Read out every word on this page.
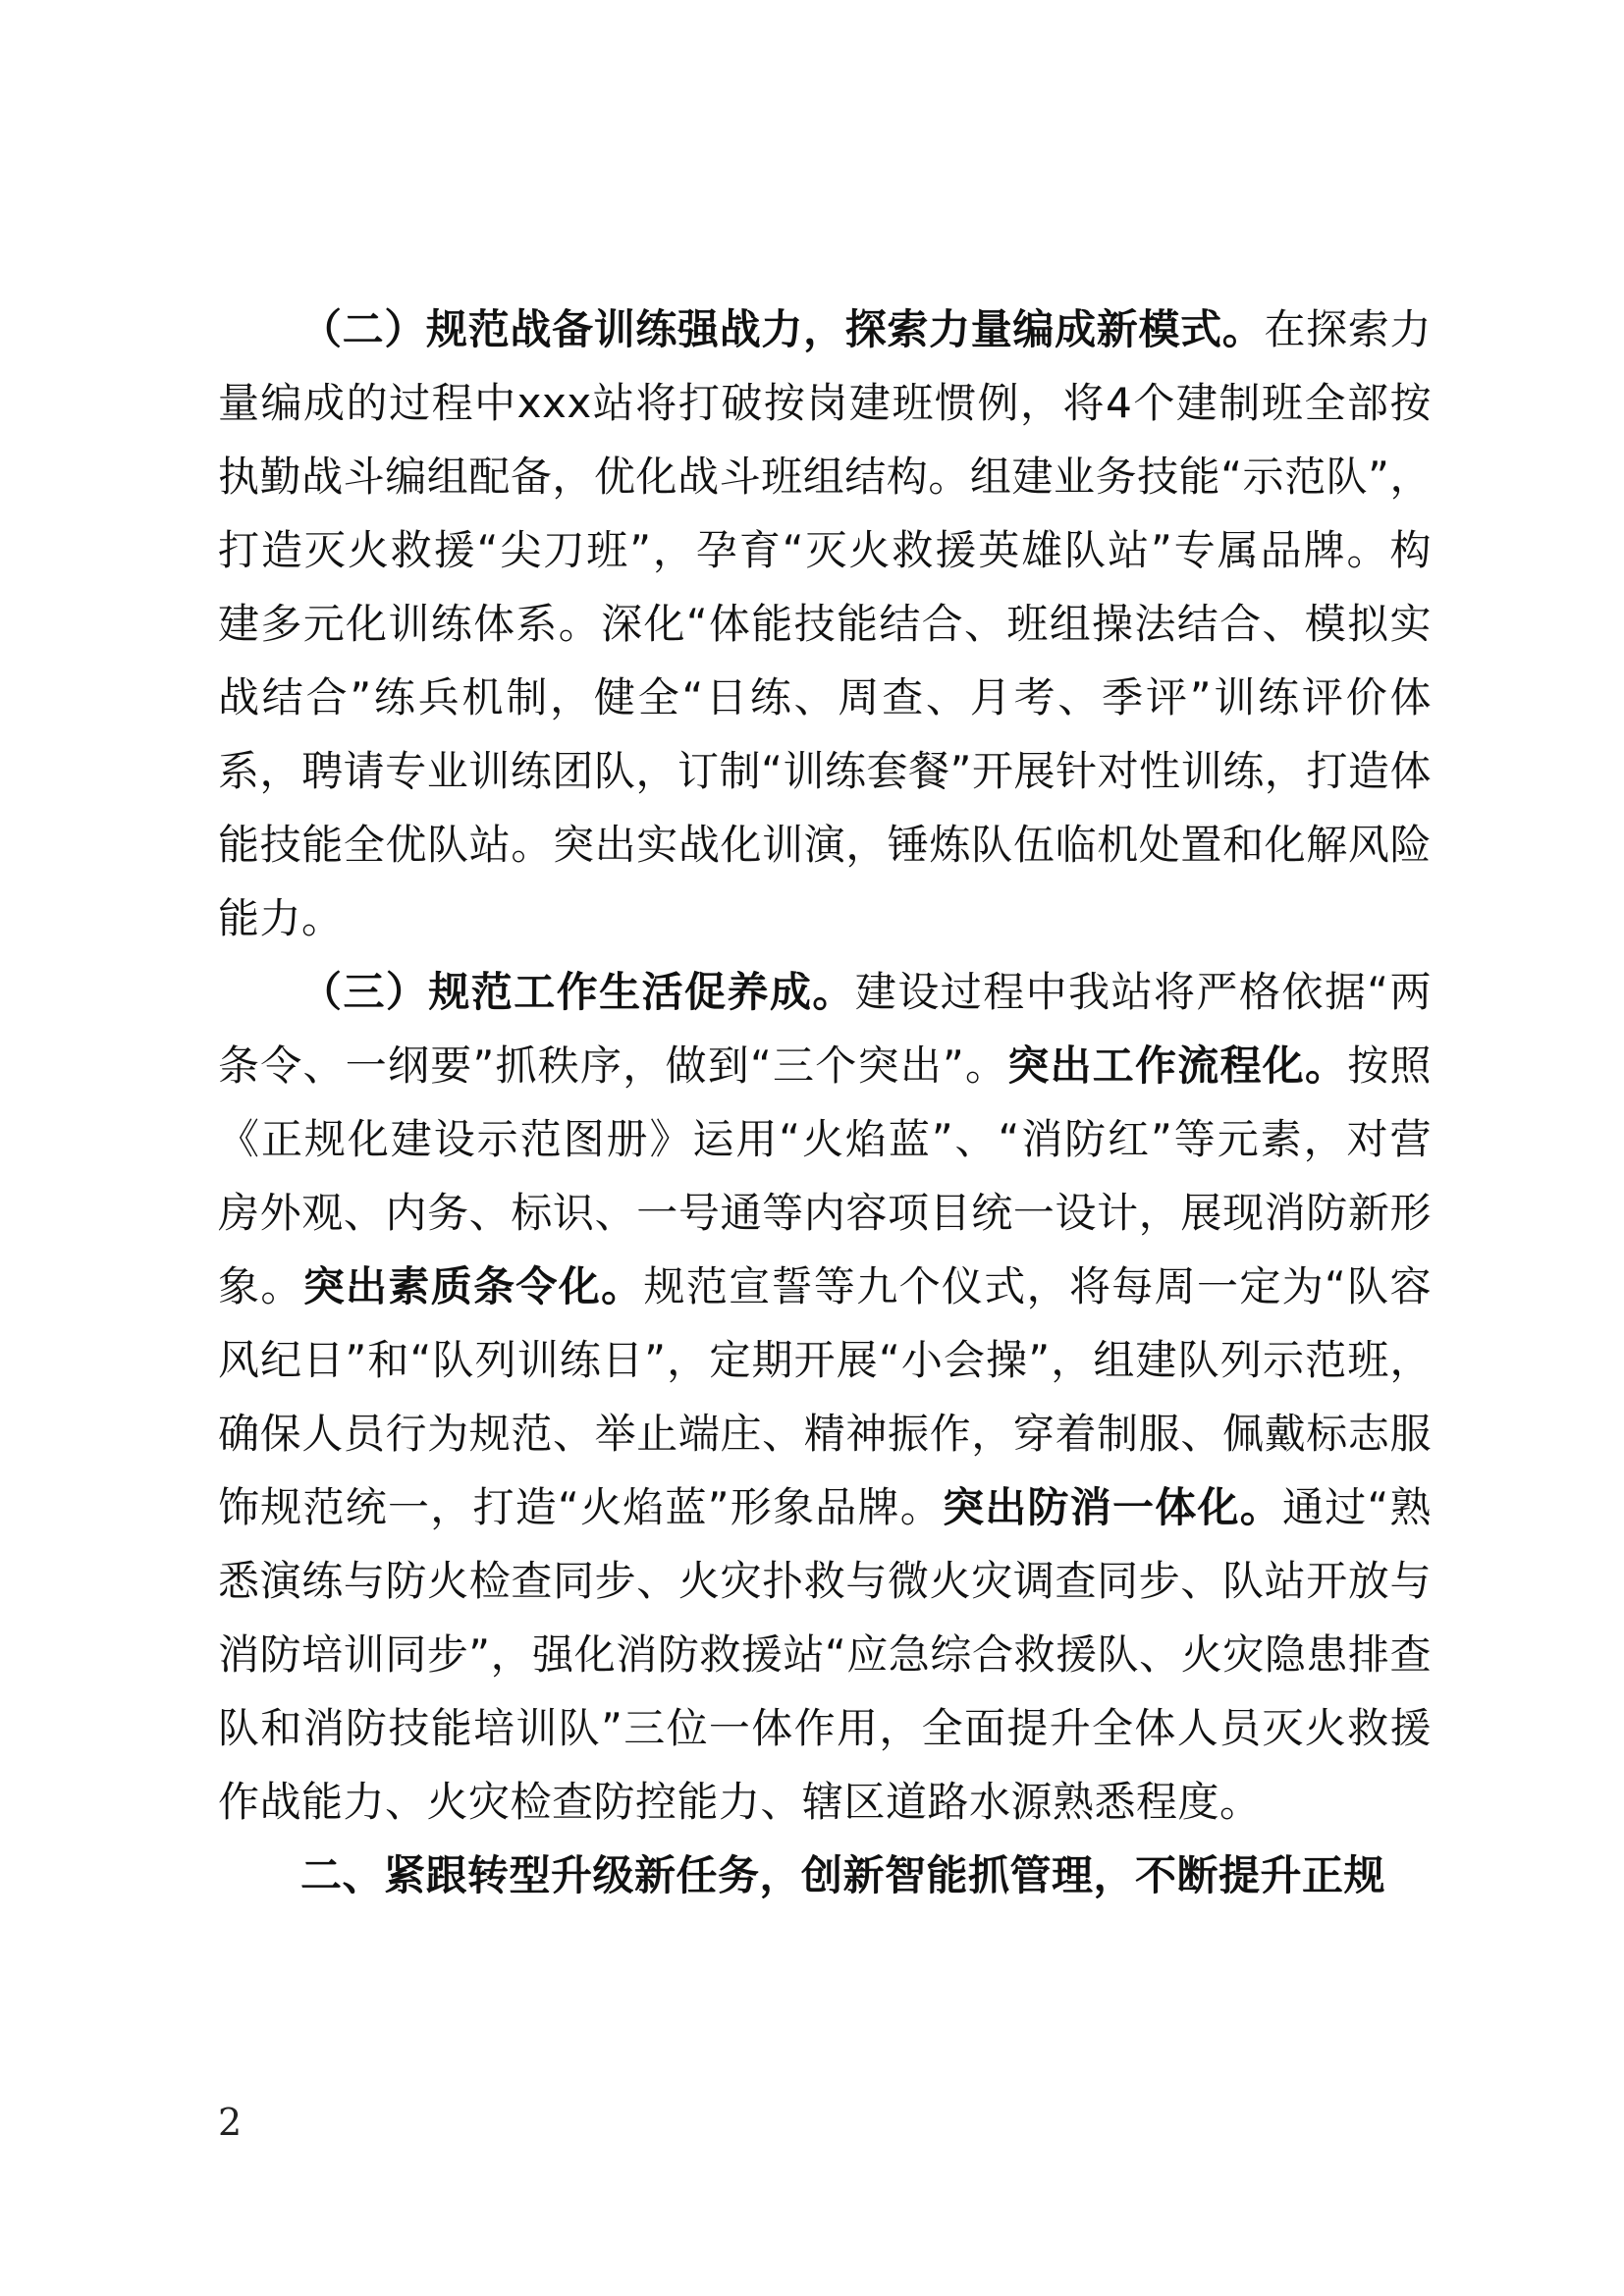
（二）规范战备训练强战力，探索力量编成新模式。在探索力量编成的过程中xxx站将打破按岗建班惯例，将4个建制班全部按执勤战斗编组配备，优化战斗班组结构。组建业务技能“示范队”，打造灭火救援“尖刀班”，孕育“灭火救援英雄队站”专属品牌。构建多元化训练体系。深化“体能技能结合、班组操法结合、模拟实战结合”练兵机制，健全“日练、周查、月考、季评”训练评价体系，聘请专业训练团队，订制“训练套餐”开展针对性训练，打造体能技能全优队站。突出实战化训演，锤炼队伍临机处置和化解风险能力。

（三）规范工作生活促养成。建设过程中我站将严格依据“两条令、一纲要”抓秩序，做到“三个突出”。突出工作流程化。按照《正规化建设示范图册》运用“火焰蓝”、“消防红”等元素，对营房外观、内务、标识、一号通等内容项目统一设计，展现消防新形象。突出素质条令化。规范宣誓等九个仪式，将每周一定为“队容风纪日”和“队列训练日”，定期开展“小会操”，组建队列示范班，确保人员行为规范、举止端庄、精神振作，穿着制服、佩戴标志服饰规范统一，打造“火焰蓝”形象品牌。突出防消一体化。通过“熟悉演练与防火检查同步、火灾扑救与微火灾调查同步、队站开放与消防培训同步”，强化消防救援站“应急综合救援队、火灾隐患排查队和消防技能培训队”三位一体作用，全面提升全体人员灭火救援作战能力、火灾检查防控能力、辖区道路水源熟悉程度。

二、紧跟转型升级新任务，创新智能抓管理，不断提升正规

2
